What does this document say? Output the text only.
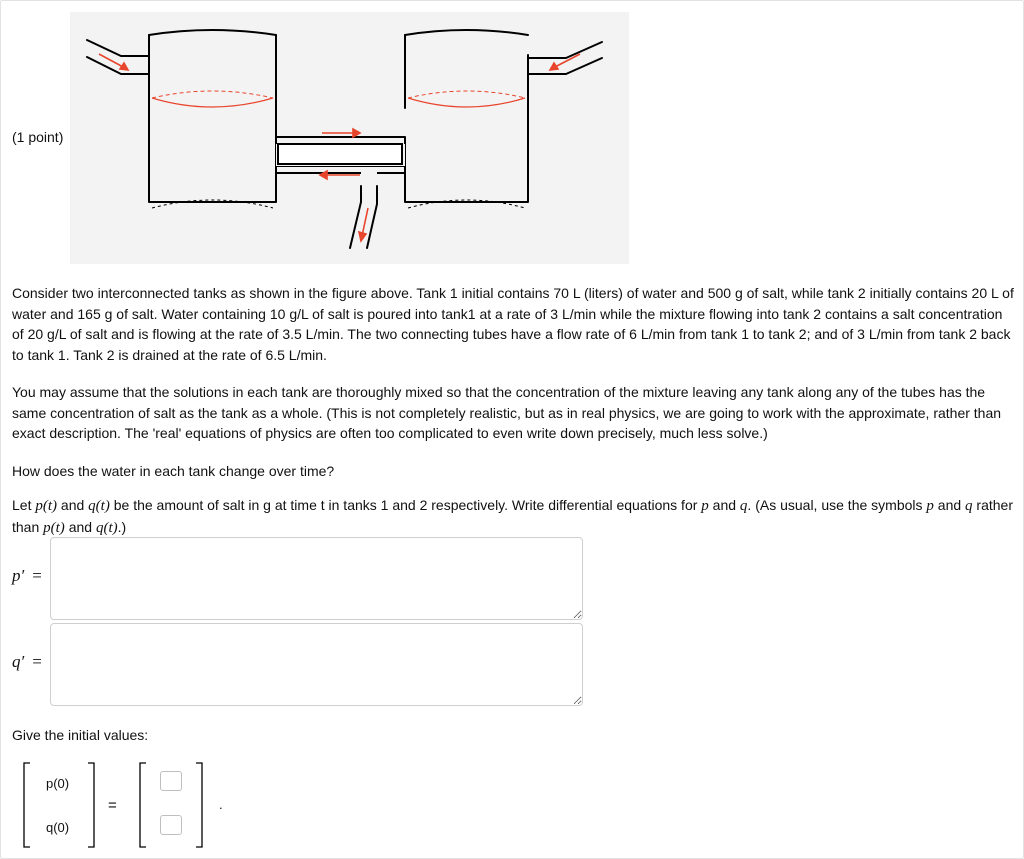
(1 point)

Consider two interconnected tanks as shown in the figure above. Tank 1 initial contains 70 L (liters) of water and 500 g of salt, while tank 2 initially contains 20 L of water and 165 g of salt. Water containing 10 g/L of salt is poured into tank1 at a rate of 3 L/min while the mixture flowing into tank 2 contains a salt concentration of 20 g/L of salt and is flowing at the rate of 3.5 L/min. The two connecting tubes have a flow rate of 6 L/min from tank 1 to tank 2; and of 3 L/min from tank 2 back to tank 1. Tank 2 is drained at the rate of 6.5 L/min.

You may assume that the solutions in each tank are thoroughly mixed so that the concentration of the mixture leaving any tank along any of the tubes has the same concentration of salt as the tank as a whole. (This is not completely realistic, but as in real physics, we are going to work with the approximate, rather than exact description. The 'real' equations of physics are often too complicated to even write down precisely, much less solve.)

How does the water in each tank change over time?

Let p(t) and q(t) be the amount of salt in g at time t in tanks 1 and 2 respectively. Write differential equations for p and q. (As usual, use the symbols p and q rather than p(t) and q(t).)

p′ =
q′ =

Give the initial values:

p(0)
q(0)
=	.
